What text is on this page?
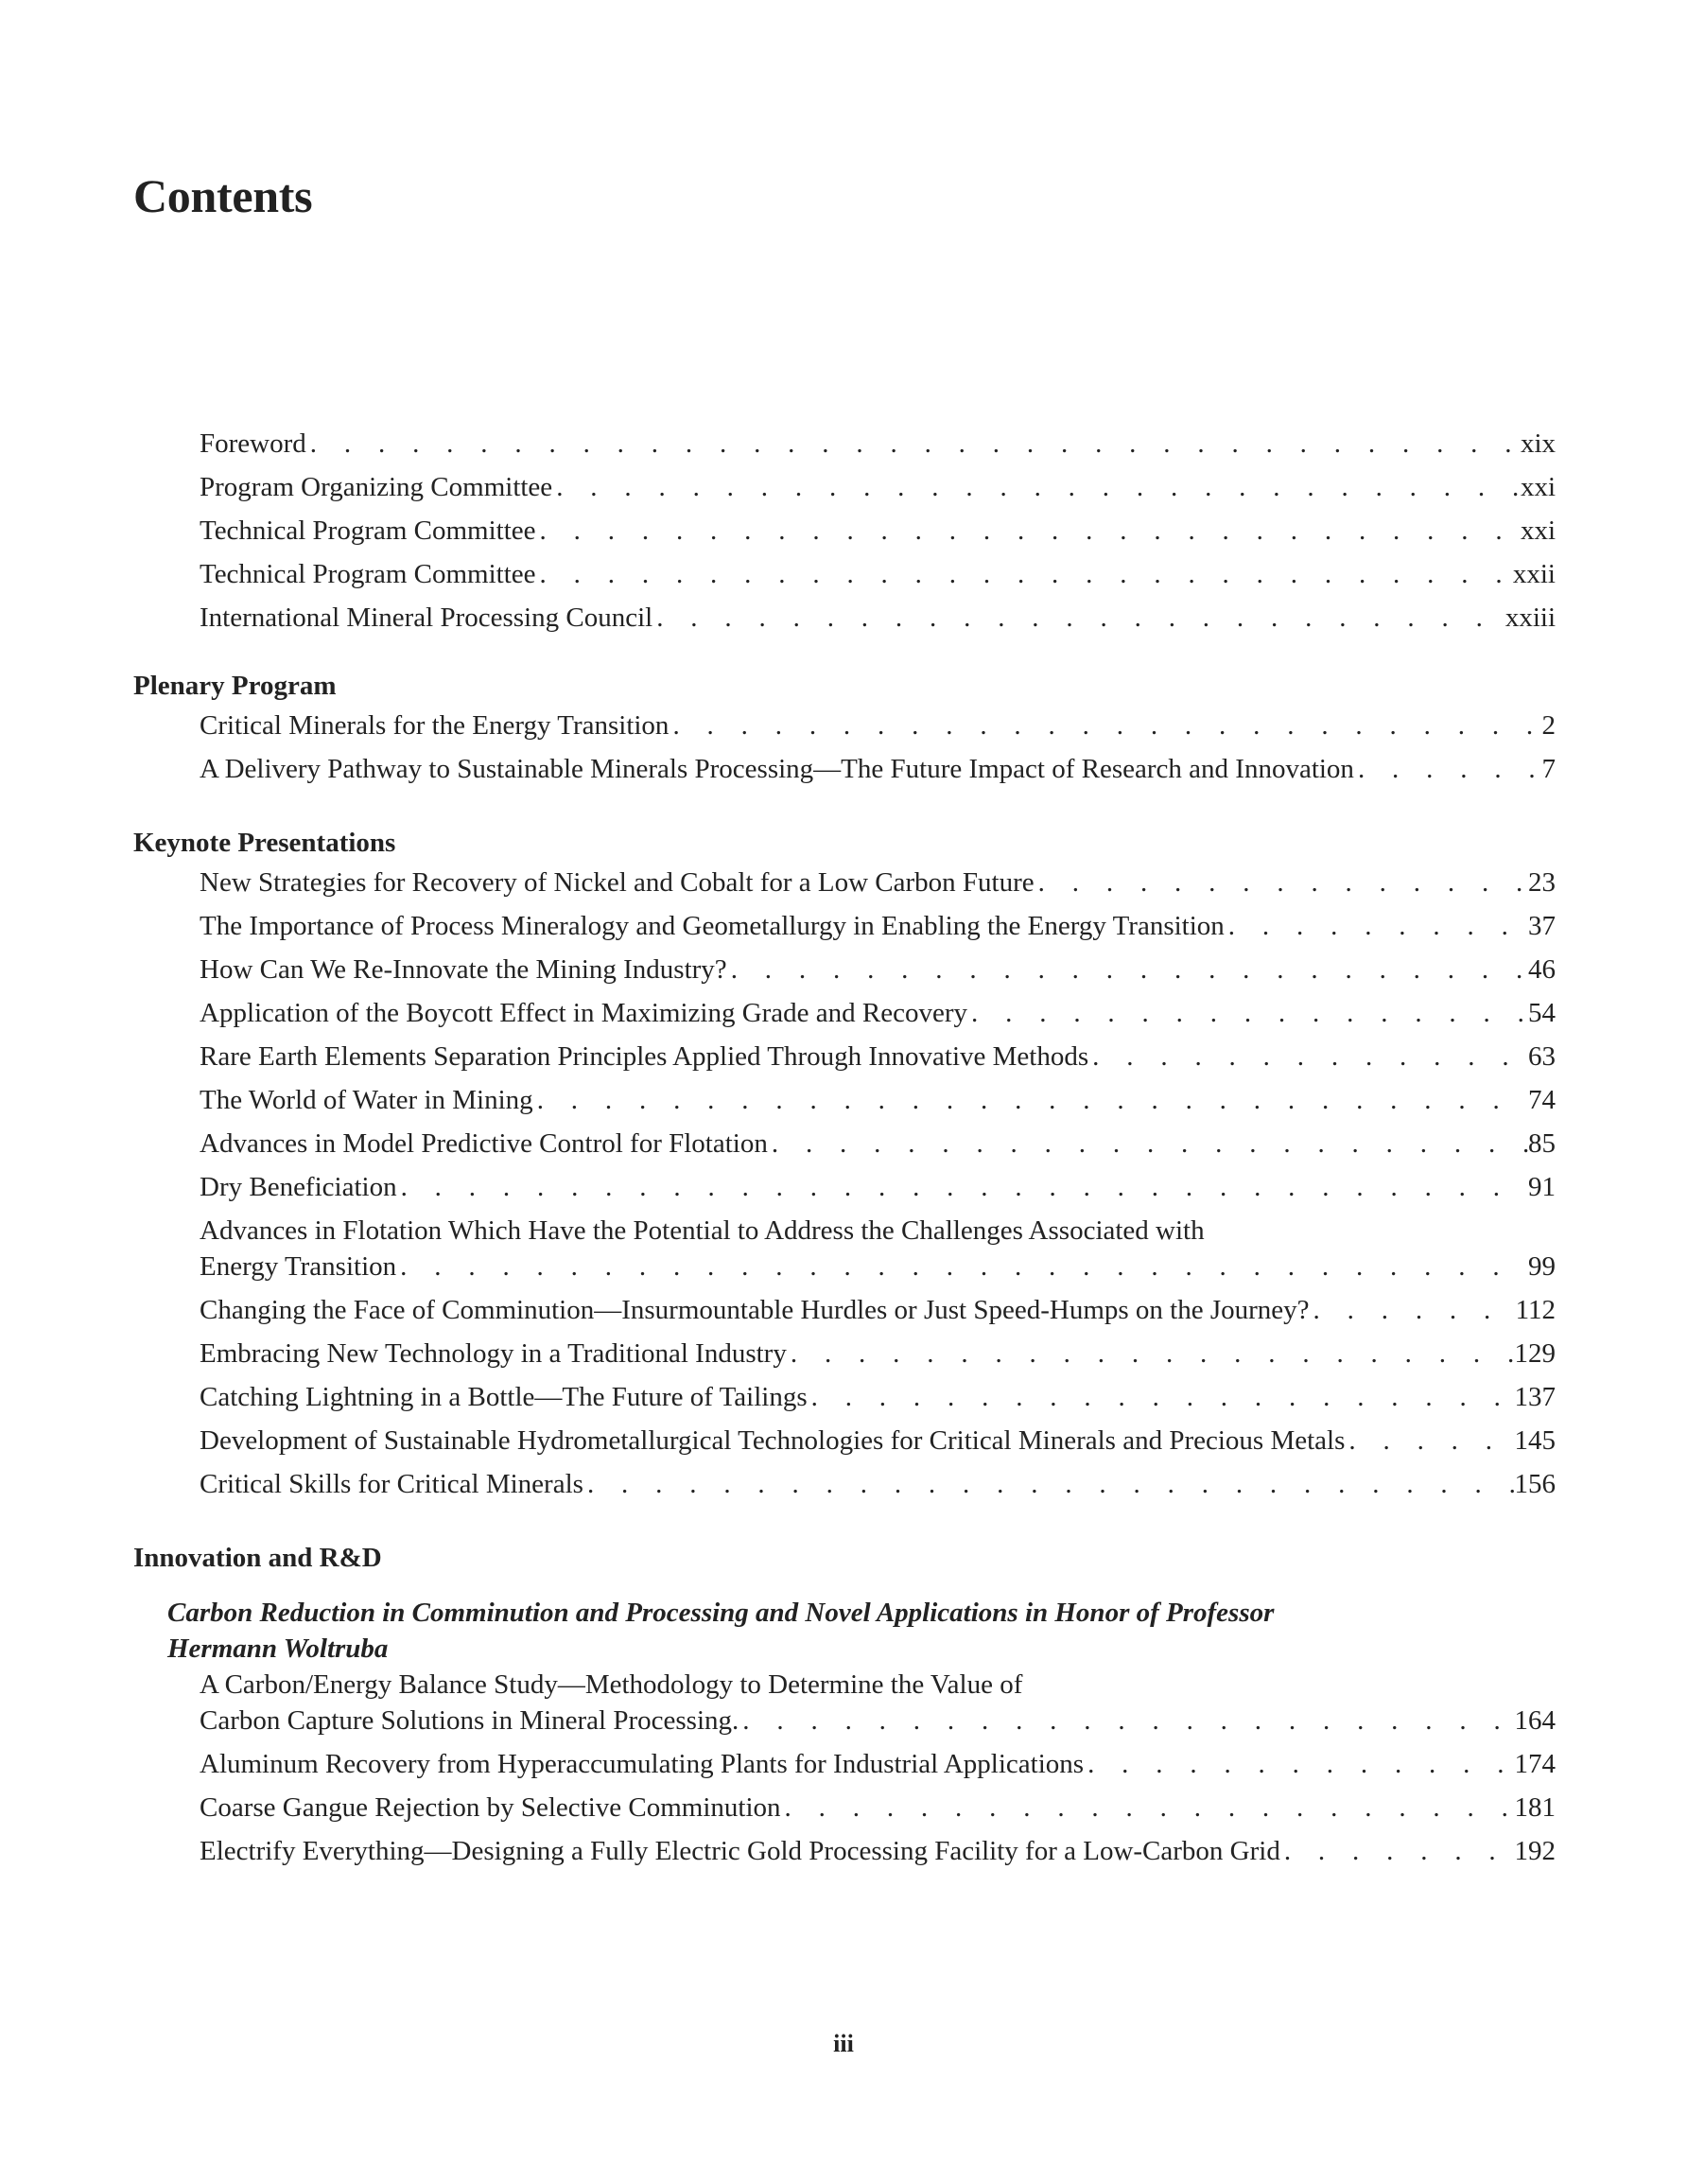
Contents
Foreword . . .	xix
Program Organizing Committee . . .	xxi
Technical Program Committee . . .	xxi
Technical Program Committee . . .	xxii
International Mineral Processing Council . . .	xxiii
Plenary Program
Critical Minerals for the Energy Transition . . .	2
A Delivery Pathway to Sustainable Minerals Processing—The Future Impact of Research and Innovation . . .	7
Keynote Presentations
New Strategies for Recovery of Nickel and Cobalt for a Low Carbon Future . . .	23
The Importance of Process Mineralogy and Geometallurgy in Enabling the Energy Transition . . .	37
How Can We Re-Innovate the Mining Industry? . . .	46
Application of the Boycott Effect in Maximizing Grade and Recovery . . .	54
Rare Earth Elements Separation Principles Applied Through Innovative Methods . . .	63
The World of Water in Mining . . .	74
Advances in Model Predictive Control for Flotation . . .	85
Dry Beneficiation . . .	91
Advances in Flotation Which Have the Potential to Address the Challenges Associated with
Energy Transition . . .	99
Changing the Face of Comminution—Insurmountable Hurdles or Just Speed-Humps on the Journey? . . .	112
Embracing New Technology in a Traditional Industry . . .	129
Catching Lightning in a Bottle—The Future of Tailings . . .	137
Development of Sustainable Hydrometallurgical Technologies for Critical Minerals and Precious Metals . . .	145
Critical Skills for Critical Minerals . . .	156
Innovation and R&D
Carbon Reduction in Comminution and Processing and Novel Applications in Honor of Professor Hermann Woltruba
A Carbon/Energy Balance Study—Methodology to Determine the Value of
Carbon Capture Solutions in Mineral Processing. . . .	164
Aluminum Recovery from Hyperaccumulating Plants for Industrial Applications . . .	174
Coarse Gangue Rejection by Selective Comminution . . .	181
Electrify Everything—Designing a Fully Electric Gold Processing Facility for a Low-Carbon Grid . . .	192
iii
